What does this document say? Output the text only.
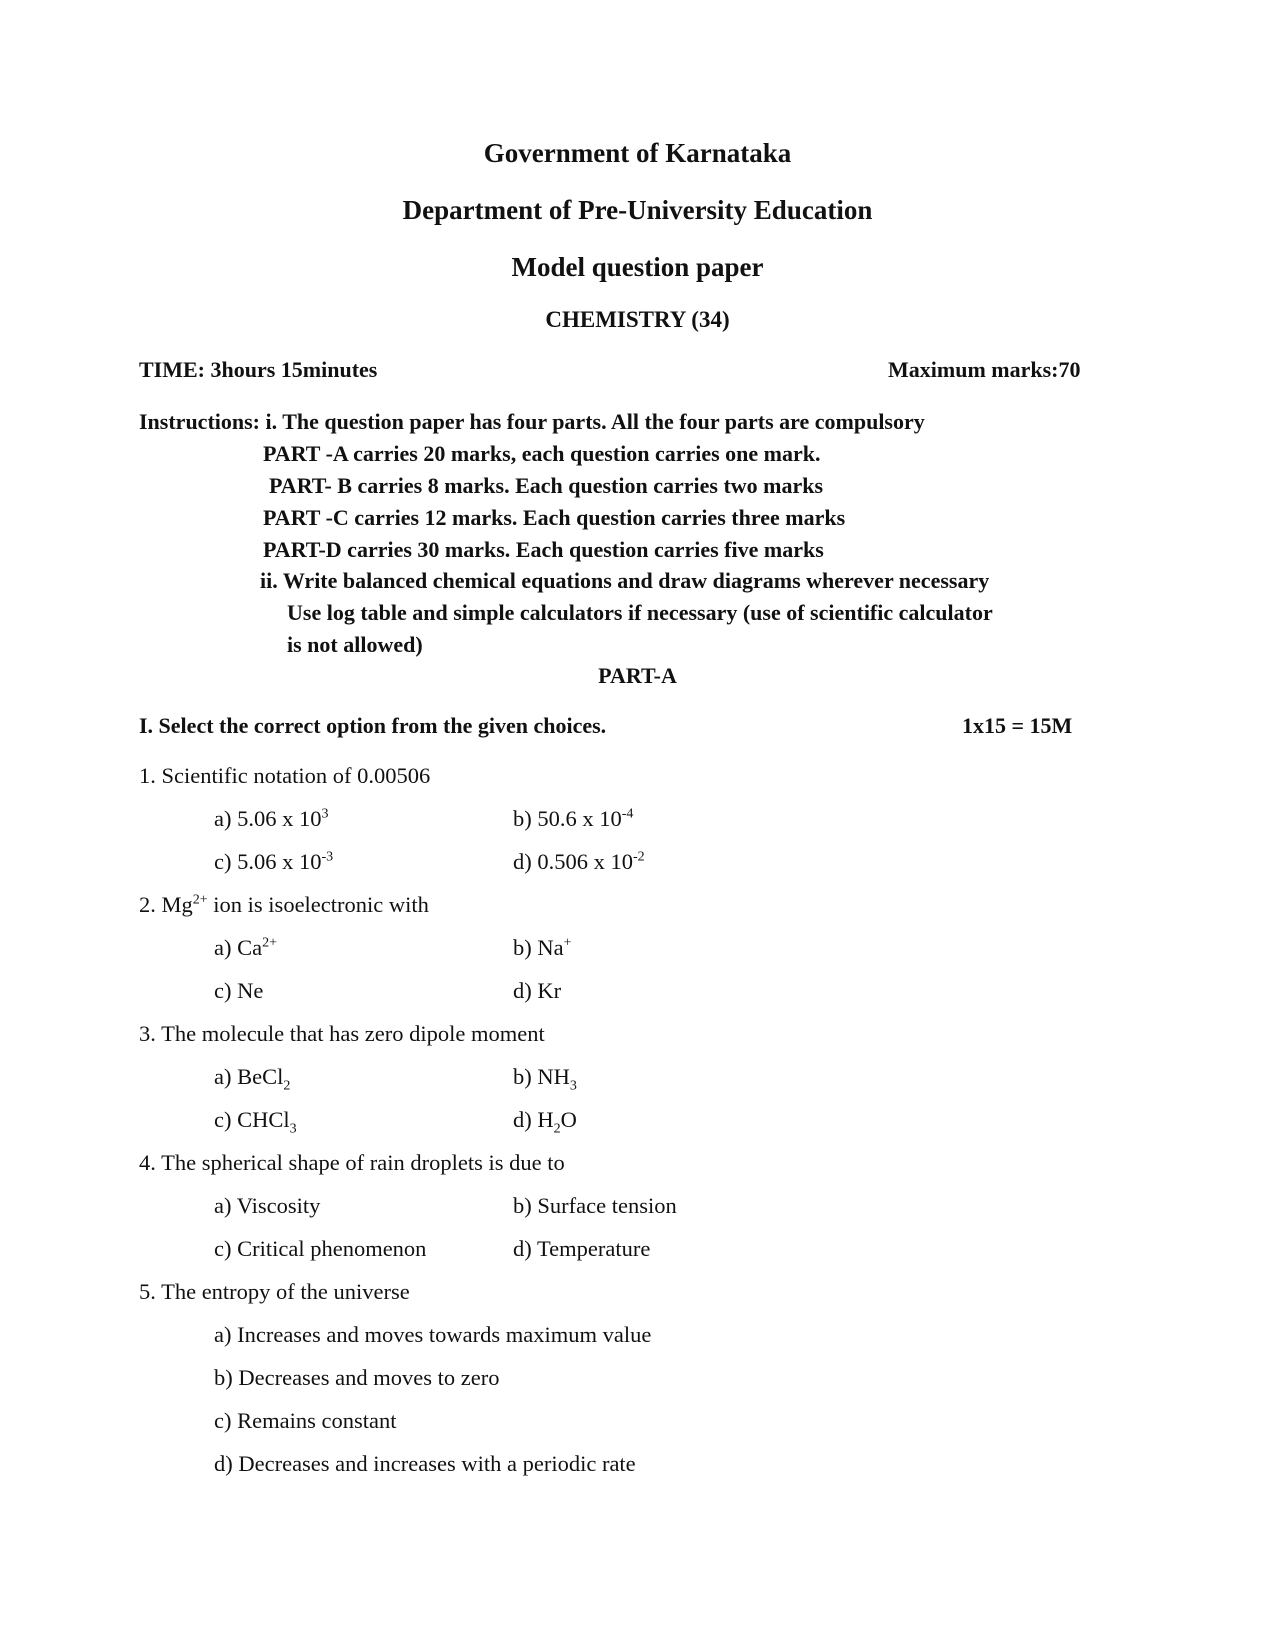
Government of Karnataka
Department of Pre-University Education
Model question paper
CHEMISTRY (34)
TIME: 3hours 15minutes	Maximum marks:70
Instructions: i. The question paper has four parts. All the four parts are compulsory
PART -A carries 20 marks, each question carries one mark.
PART- B carries 8 marks. Each question carries two marks
PART -C carries 12 marks. Each question carries three marks
PART-D carries 30 marks. Each question carries five marks
ii. Write balanced chemical equations and draw diagrams wherever necessary
Use log table and simple calculators if necessary (use of scientific calculator
is not allowed)
PART-A
I. Select the correct option from the given choices.	1x15 = 15M
1. Scientific notation of 0.00506
a) 5.06 x $10^3$	b) 50.6 x $10^{-4}$
c) 5.06 x $10^{-3}$	d) 0.506 x $10^{-2}$
2. $Mg^{2+}$ ion is isoelectronic with
a) $Ca^{2+}$	b) Na+
c) Ne	d) Kr
3. The molecule that has zero dipole moment
a) BeCl$_2$	b) $NH_3$
c) CHCl$_3$	d) $H_2O$
4. The spherical shape of rain droplets is due to
a) Viscosity	b) Surface tension
c) Critical phenomenon	d) Temperature
5. The entropy of the universe
a) Increases and moves towards maximum value
b) Decreases and moves to zero
c) Remains constant
d) Decreases and increases with a periodic rate
